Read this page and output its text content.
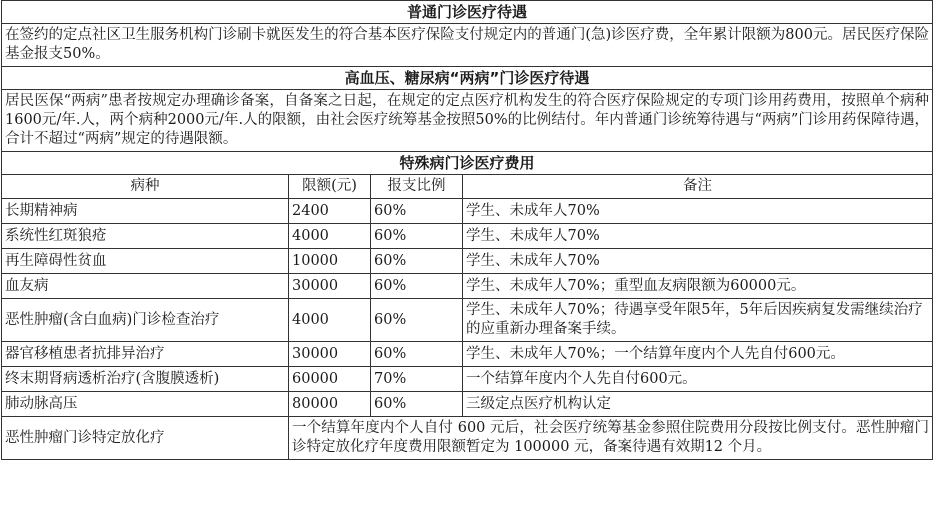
普通门诊医疗待遇			
在签约的定点社区卫生服务机构门诊刷卡就医发生的符合基本医疗保险支付规定内的普通门(急)诊医疗费，全年累计限额为800元。居民医疗保险基金报支50%。			
高血压、糖尿病“两病”门诊医疗待遇			
居民医保“两病”患者按规定办理确诊备案，自备案之日起，在规定的定点医疗机构发生的符合医疗保险规定的专项门诊用药费用，按照单个病种1600元/年.人，两个病种2000元/年.人的限额，由社会医疗统筹基金按照50%的比例结付。年内普通门诊统筹待遇与“两病”门诊用药保障待遇，合计不超过“两病”规定的待遇限额。			
特殊病门诊医疗费用			
病种	限额(元)	报支比例	备注
长期精神病	2400	60%	学生、未成年人70%
系统性红斑狼疮	4000	60%	学生、未成年人70%
再生障碍性贫血	10000	60%	学生、未成年人70%
血友病	30000	60%	学生、未成年人70%；重型血友病限额为60000元。
恶性肿瘤(含白血病)门诊检查治疗	4000	60%	学生、未成年人70%；待遇享受年限5年，5年后因疾病复发需继续治疗的应重新办理备案手续。
器官移植患者抗排异治疗	30000	60%	学生、未成年人70%；一个结算年度内个人先自付600元。
终末期肾病透析治疗(含腹膜透析)	60000	70%	一个结算年度内个人先自付600元。
肺动脉高压	80000	60%	三级定点医疗机构认定
恶性肿瘤门诊特定放化疗	一个结算年度内个人自付 600 元后，社会医疗统筹基金参照住院费用分段按比例支付。恶性肿瘤门诊特定放化疗年度费用限额暂定为 100000 元，备案待遇有效期12 个月。		
